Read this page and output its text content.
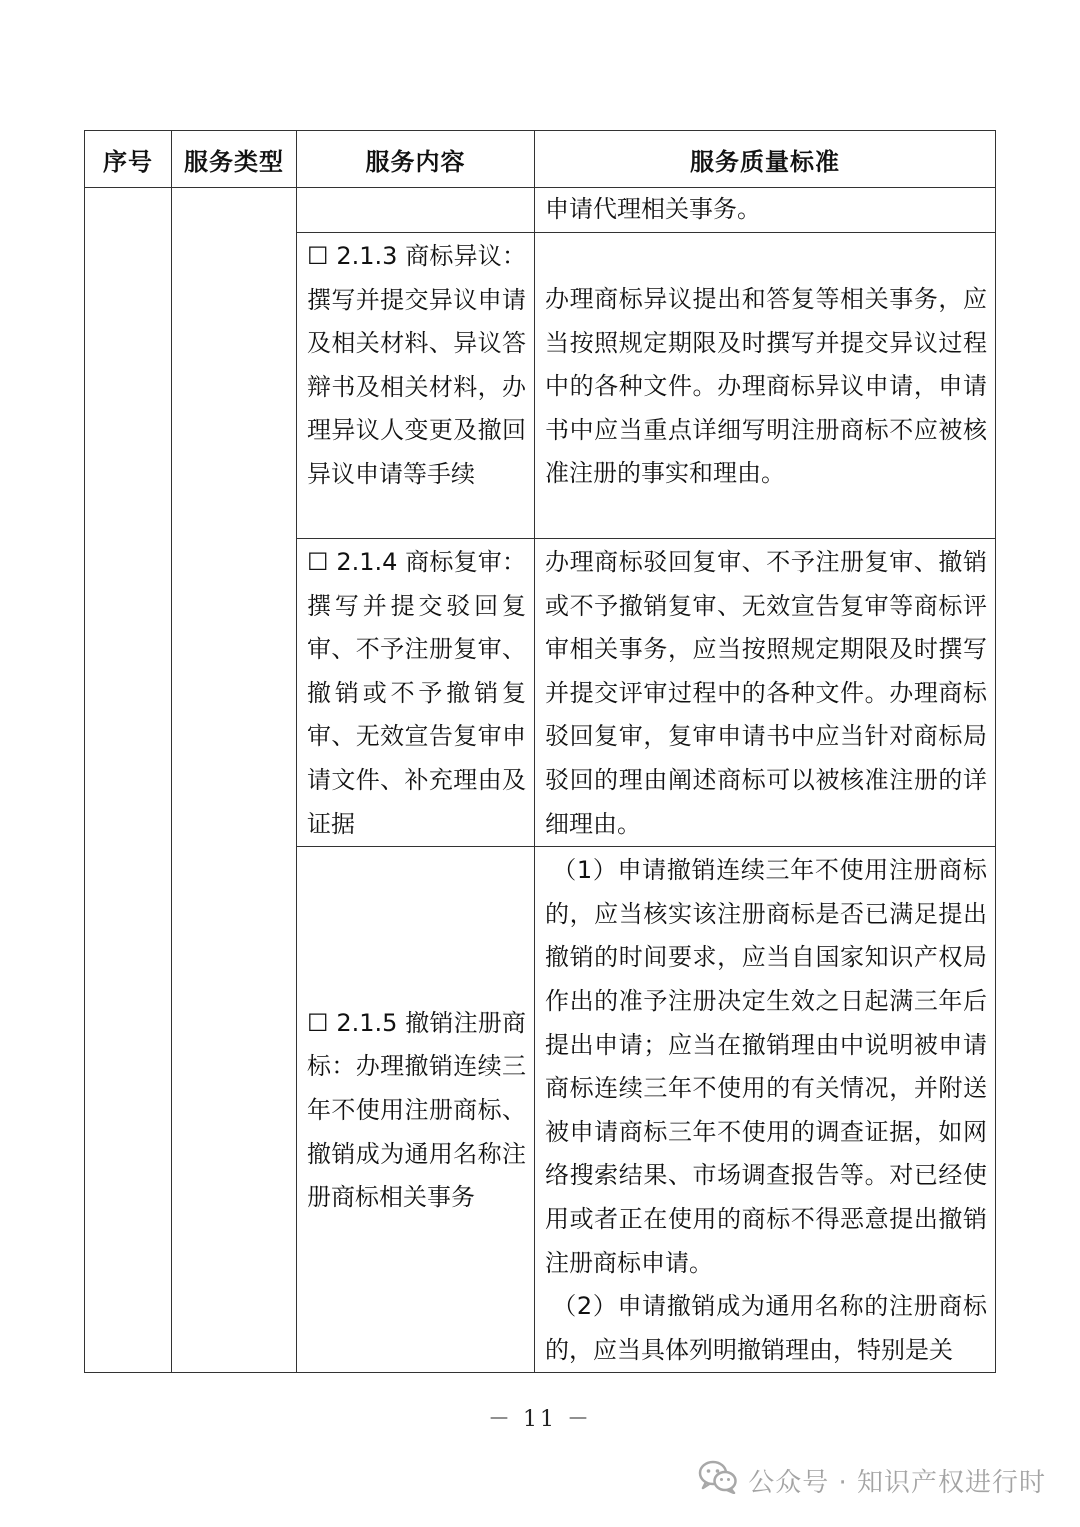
序号	服务类型	服务内容	服务质量标准

			申请代理相关事务。

		☐ 2.1.3 商标异议：撰写并提交异议申请及相关材料、异议答辩书及相关材料，办理异议人变更及撤回异议申请等手续	办理商标异议提出和答复等相关事务，应当按照规定期限及时撰写并提交异议过程中的各种文件。办理商标异议申请，申请书中应当重点详细写明注册商标不应被核准注册的事实和理由。

		☐ 2.1.4 商标复审：撰写并提交驳回复审、不予注册复审、撤销或不予撤销复审、无效宣告复审申请文件、补充理由及证据	办理商标驳回复审、不予注册复审、撤销或不予撤销复审、无效宣告复审等商标评审相关事务，应当按照规定期限及时撰写并提交评审过程中的各种文件。办理商标驳回复审，复审申请书中应当针对商标局驳回的理由阐述商标可以被核准注册的详细理由。

		☐ 2.1.5 撤销注册商标：办理撤销连续三年不使用注册商标、撤销成为通用名称注册商标相关事务	（1）申请撤销连续三年不使用注册商标的，应当核实该注册商标是否已满足提出撤销的时间要求，应当自国家知识产权局作出的准予注册决定生效之日起满三年后提出申请；应当在撤销理由中说明被申请商标连续三年不使用的有关情况，并附送被申请商标三年不使用的调查证据，如网络搜索结果、市场调查报告等。对已经使用或者正在使用的商标不得恶意提出撤销注册商标申请。
（2）申请撤销成为通用名称的注册商标的，应当具体列明撤销理由，特别是关
－ 11 －
公众号 · 知识产权进行时
